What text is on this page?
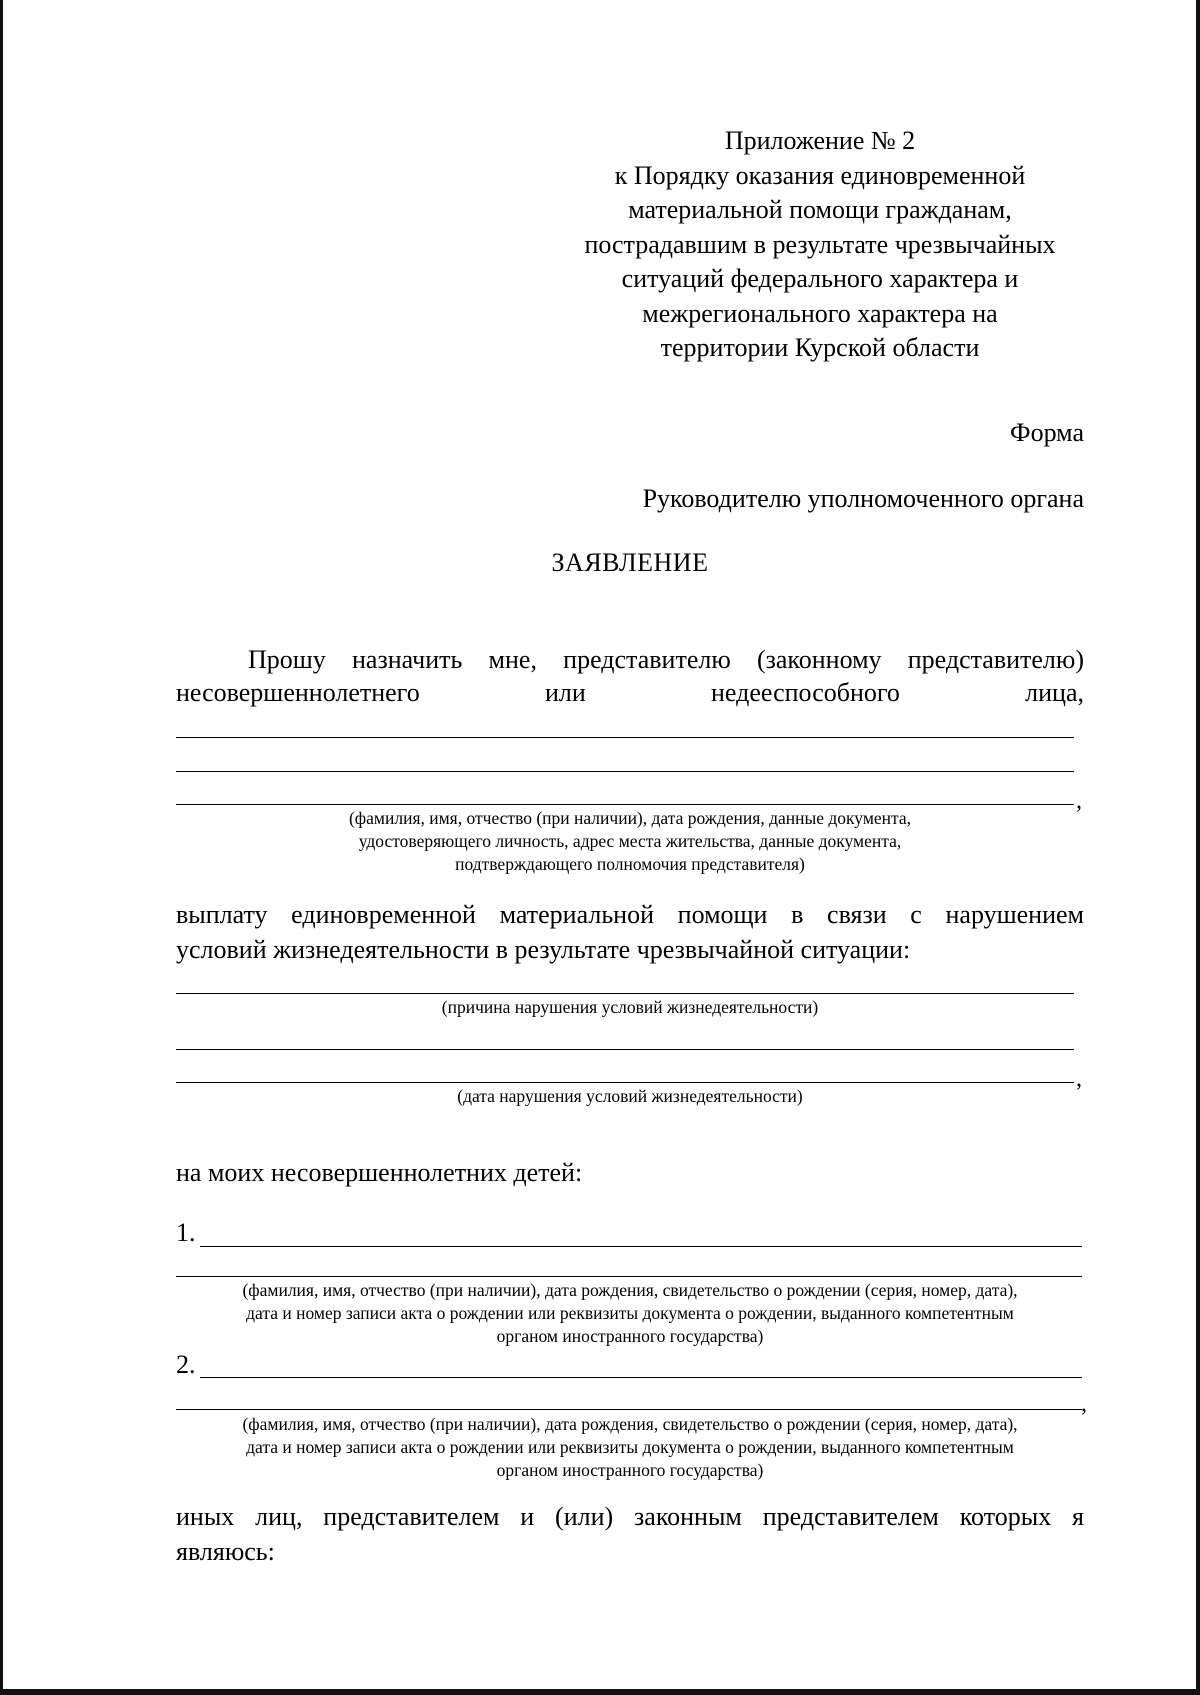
Приложение № 2
к Порядку оказания единовременной
материальной помощи гражданам,
пострадавшим в результате чрезвычайных
ситуаций федерального характера и
межрегионального характера на
территории Курской области
Форма
Руководителю уполномоченного органа
ЗАЯВЛЕНИЕ
Прошу назначить мне, представителю (законному представителю)
несовершеннолетнего или недееспособного лица,
,
(фамилия, имя, отчество (при наличии), дата рождения, данные документа,
удостоверяющего личность, адрес места жительства, данные документа,
подтверждающего полномочия представителя)
выплату единовременной материальной помощи в связи с нарушением
условий жизнедеятельности в результате чрезвычайной ситуации:
(причина нарушения условий жизнедеятельности)
,
(дата нарушения условий жизнедеятельности)
на моих несовершеннолетних детей:
1.
(фамилия, имя, отчество (при наличии), дата рождения, свидетельство о рождении (серия, номер, дата),
дата и номер записи акта о рождении или реквизиты документа о рождении, выданного компетентным
органом иностранного государства)
2.
,
(фамилия, имя, отчество (при наличии), дата рождения, свидетельство о рождении (серия, номер, дата),
дата и номер записи акта о рождении или реквизиты документа о рождении, выданного компетентным
органом иностранного государства)
иных лиц, представителем и (или) законным представителем которых я
являюсь:
